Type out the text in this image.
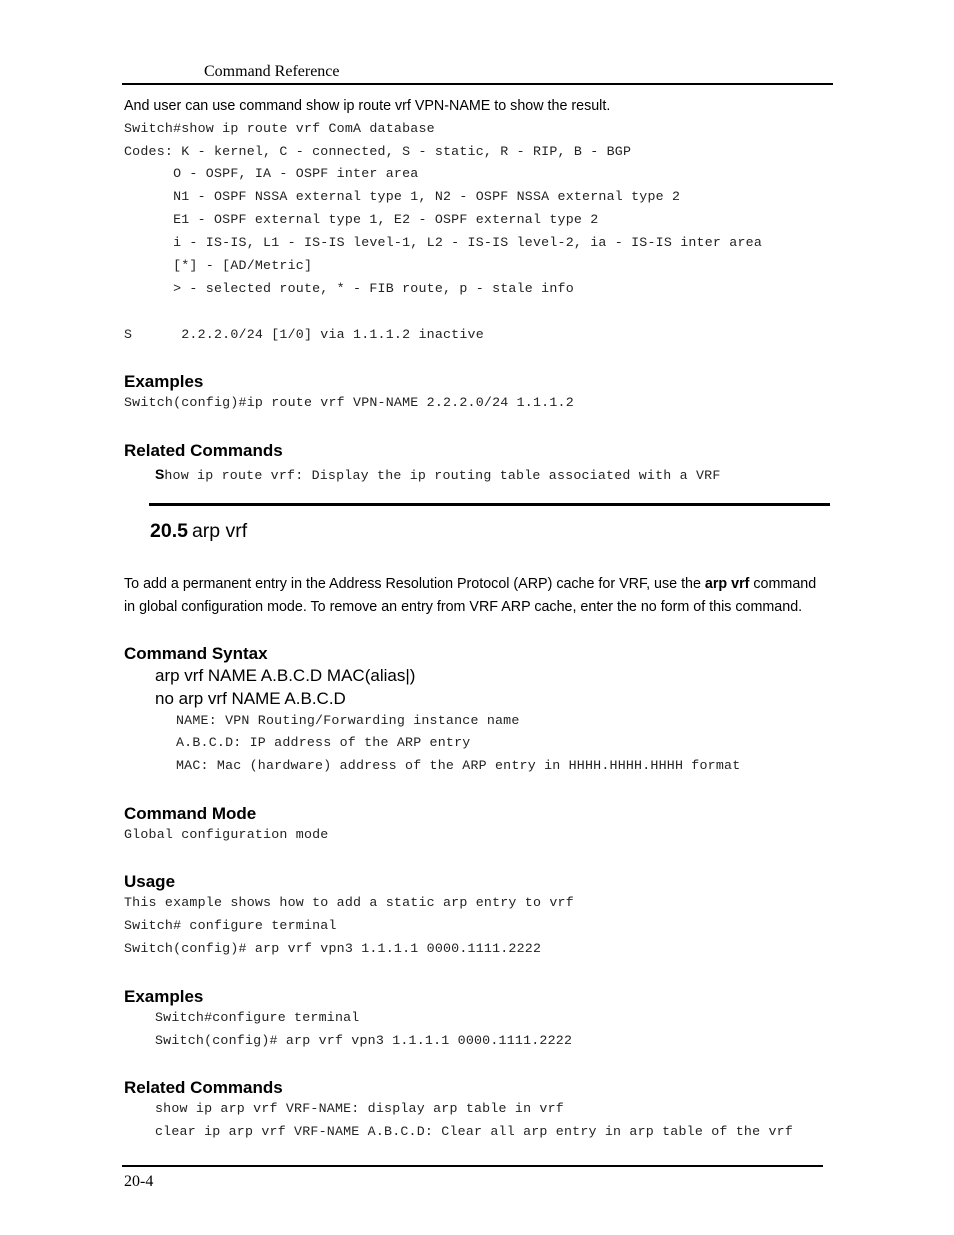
Command Reference
And user can use command show ip route vrf VPN-NAME to show the result.
Switch#show ip route vrf ComA database
Codes: K - kernel, C - connected, S - static, R - RIP, B - BGP
O - OSPF, IA - OSPF inter area
N1 - OSPF NSSA external type 1, N2 - OSPF NSSA external type 2
E1 - OSPF external type 1, E2 - OSPF external type 2
i - IS-IS, L1 - IS-IS level-1, L2 - IS-IS level-2, ia - IS-IS inter area
[*] - [AD/Metric]
> - selected route, * - FIB route, p - stale info
S      2.2.2.0/24 [1/0] via 1.1.1.2 inactive
Examples
Switch(config)#ip route vrf VPN-NAME 2.2.2.0/24 1.1.1.2
Related Commands
Show ip route vrf: Display the ip routing table associated with a VRF
20.5 arp vrf
To add a permanent entry in the Address Resolution Protocol (ARP) cache for VRF, use the arp vrf command
in global configuration mode. To remove an entry from VRF ARP cache, enter the no form of this command.
Command Syntax
arp vrf NAME A.B.C.D MAC(alias|)
no arp vrf NAME A.B.C.D
NAME: VPN Routing/Forwarding instance name
A.B.C.D: IP address of the ARP entry
MAC: Mac (hardware) address of the ARP entry in HHHH.HHHH.HHHH format
Command Mode
Global configuration mode
Usage
This example shows how to add a static arp entry to vrf
Switch# configure terminal
Switch(config)# arp vrf vpn3 1.1.1.1 0000.1111.2222
Examples
Switch#configure terminal
Switch(config)# arp vrf vpn3 1.1.1.1 0000.1111.2222
Related Commands
show ip arp vrf VRF-NAME: display arp table in vrf
clear ip arp vrf VRF-NAME A.B.C.D: Clear all arp entry in arp table of the vrf
20-4
